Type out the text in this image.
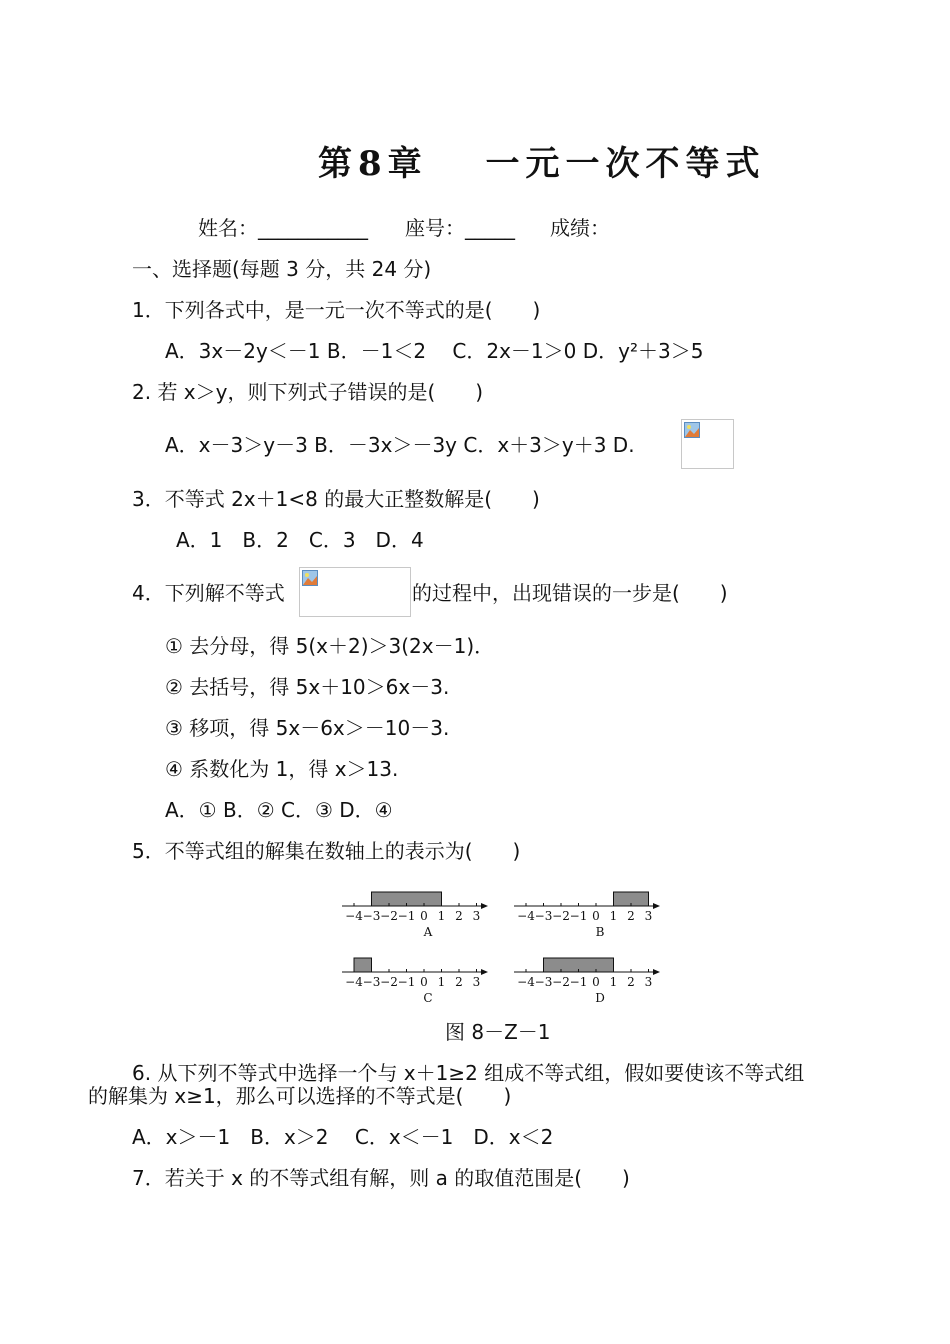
第8章　 一元一次不等式
姓名：___________ 座号：_____ 成绩：
一、选择题(每题 3 分，共 24 分)
1．下列各式中，是一元一次不等式的是(　　)
A．3x－2y＜－1 B．－1＜2　 C．2x－1＞0 D．y²＋3＞5
2. 若 x＞y，则下列式子错误的是(　　)
A．x－3＞y－3 B．－3x＞－3y C．x＋3＞y＋3 D.
3．不等式 2x＋1<8 的最大正整数解是(　　)
A．1　B．2　C．3　D．4
4．下列解不等式	的过程中，出现错误的一步是(　　)
① 去分母，得 5(x＋2)＞3(2x－1)．
② 去括号，得 5x＋10＞6x－3.
③ 移项，得 5x－6x＞－10－3.
④ 系数化为 1，得 x＞13.
A．① B．② C．③ D．④
5．不等式组的解集在数轴上的表示为(　　)
−4 −3 −2 −1 0 1 2 3
A
−4 −3 −2 −1 0 1 2 3
B
−4 −3 −2 −1 0 1 2 3
C
−4 −3 −2 −1 0 1 2 3
D
图 8－Z－1
6. 从下列不等式中选择一个与 x＋1≥2 组成不等式组，假如要使该不等式组
的解集为 x≥1，那么可以选择的不等式是(　　)
A．x＞－1　B．x＞2　 C．x＜－1　D．x＜2
7．若关于 x 的不等式组有解，则 a 的取值范围是(　　)
